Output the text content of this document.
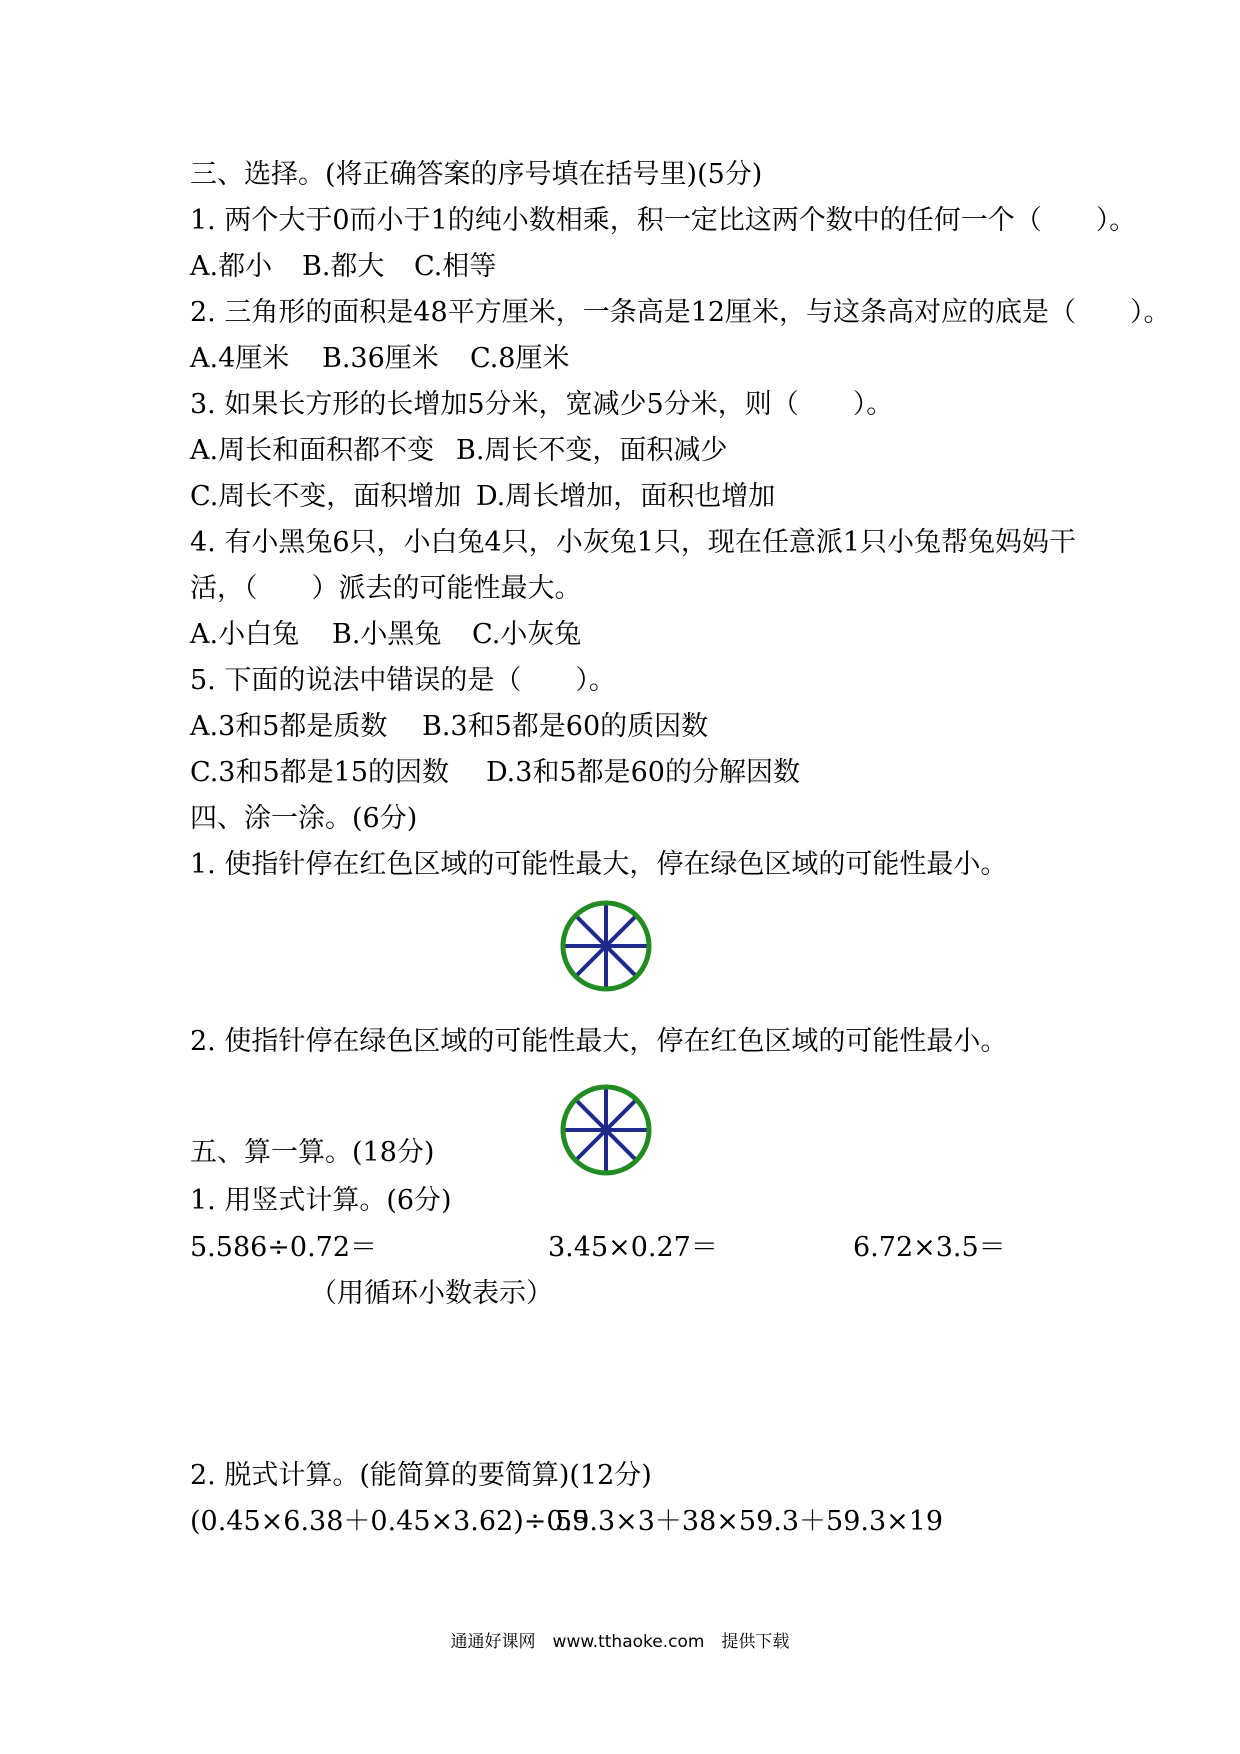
三、选择。(将正确答案的序号填在括号里)(5分)
1. 两个大于0而小于1的纯小数相乘，积一定比这两个数中的任何一个（　　）。
A.都小 B.都大 C.相等
2. 三角形的面积是48平方厘米，一条高是12厘米，与这条高对应的底是（　　）。
A.4厘米 B.36厘米 C.8厘米
3. 如果长方形的长增加5分米，宽减少5分米，则（　　）。
A.周长和面积都不变 B.周长不变，面积减少
C.周长不变，面积增加 D.周长增加，面积也增加
4. 有小黑兔6只，小白兔4只，小灰兔1只，现在任意派1只小兔帮兔妈妈干
活，（　　）派去的可能性最大。
A.小白兔 B.小黑兔 C.小灰兔
5. 下面的说法中错误的是（　　）。
A.3和5都是质数 B.3和5都是60的质因数
C.3和5都是15的因数 D.3和5都是60的分解因数
四、涂一涂。(6分)
1. 使指针停在红色区域的可能性最大，停在绿色区域的可能性最小。
2. 使指针停在绿色区域的可能性最大，停在红色区域的可能性最小。
五、算一算。(18分)
1. 用竖式计算。(6分)
5.586÷0.72＝	3.45×0.27＝	6.72×3.5＝
（用循环小数表示）
2. 脱式计算。(能简算的要简算)(12分)
(0.45×6.38＋0.45×3.62)÷0.5
59.3×3＋38×59.3＋59.3×19
通通好课网　www.tthaoke.com　提供下载
